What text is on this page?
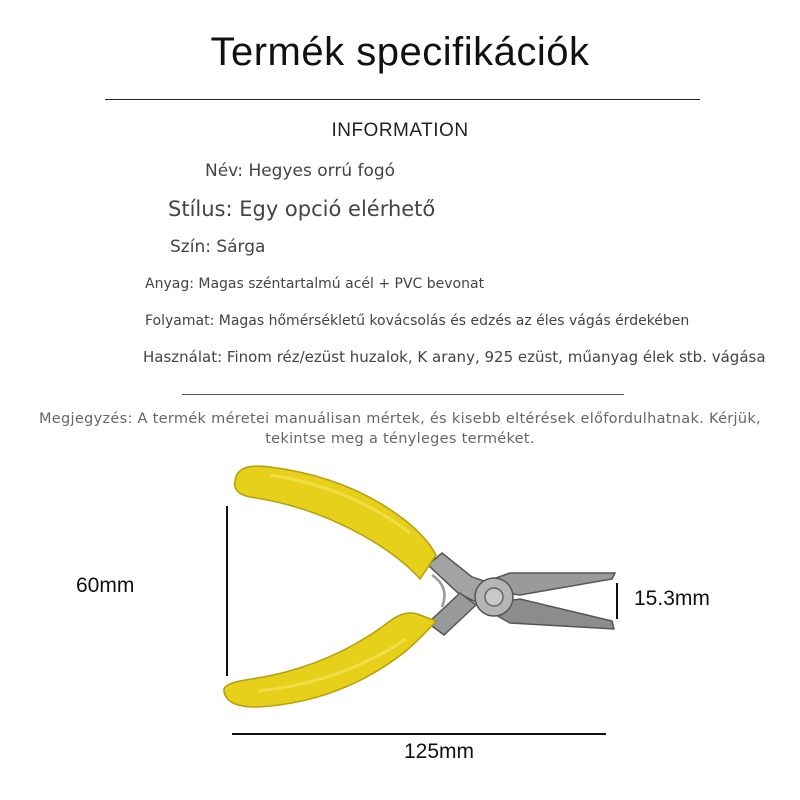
Termék specifikációk
INFORMATION
Név: Hegyes orrú fogó
Stílus: Egy opció elérhető
Szín: Sárga
Anyag: Magas széntartalmú acél + PVC bevonat
Folyamat: Magas hőmérsékletű kovácsolás és edzés az éles vágás érdekében
Használat: Finom réz/ezüst huzalok, K arany, 925 ezüst, műanyag élek stb. vágása
Megjegyzés: A termék méretei manuálisan mértek, és kisebb eltérések előfordulhatnak. Kérjük, tekintse meg a tényleges terméket.
60mm
15.3mm
125mm
